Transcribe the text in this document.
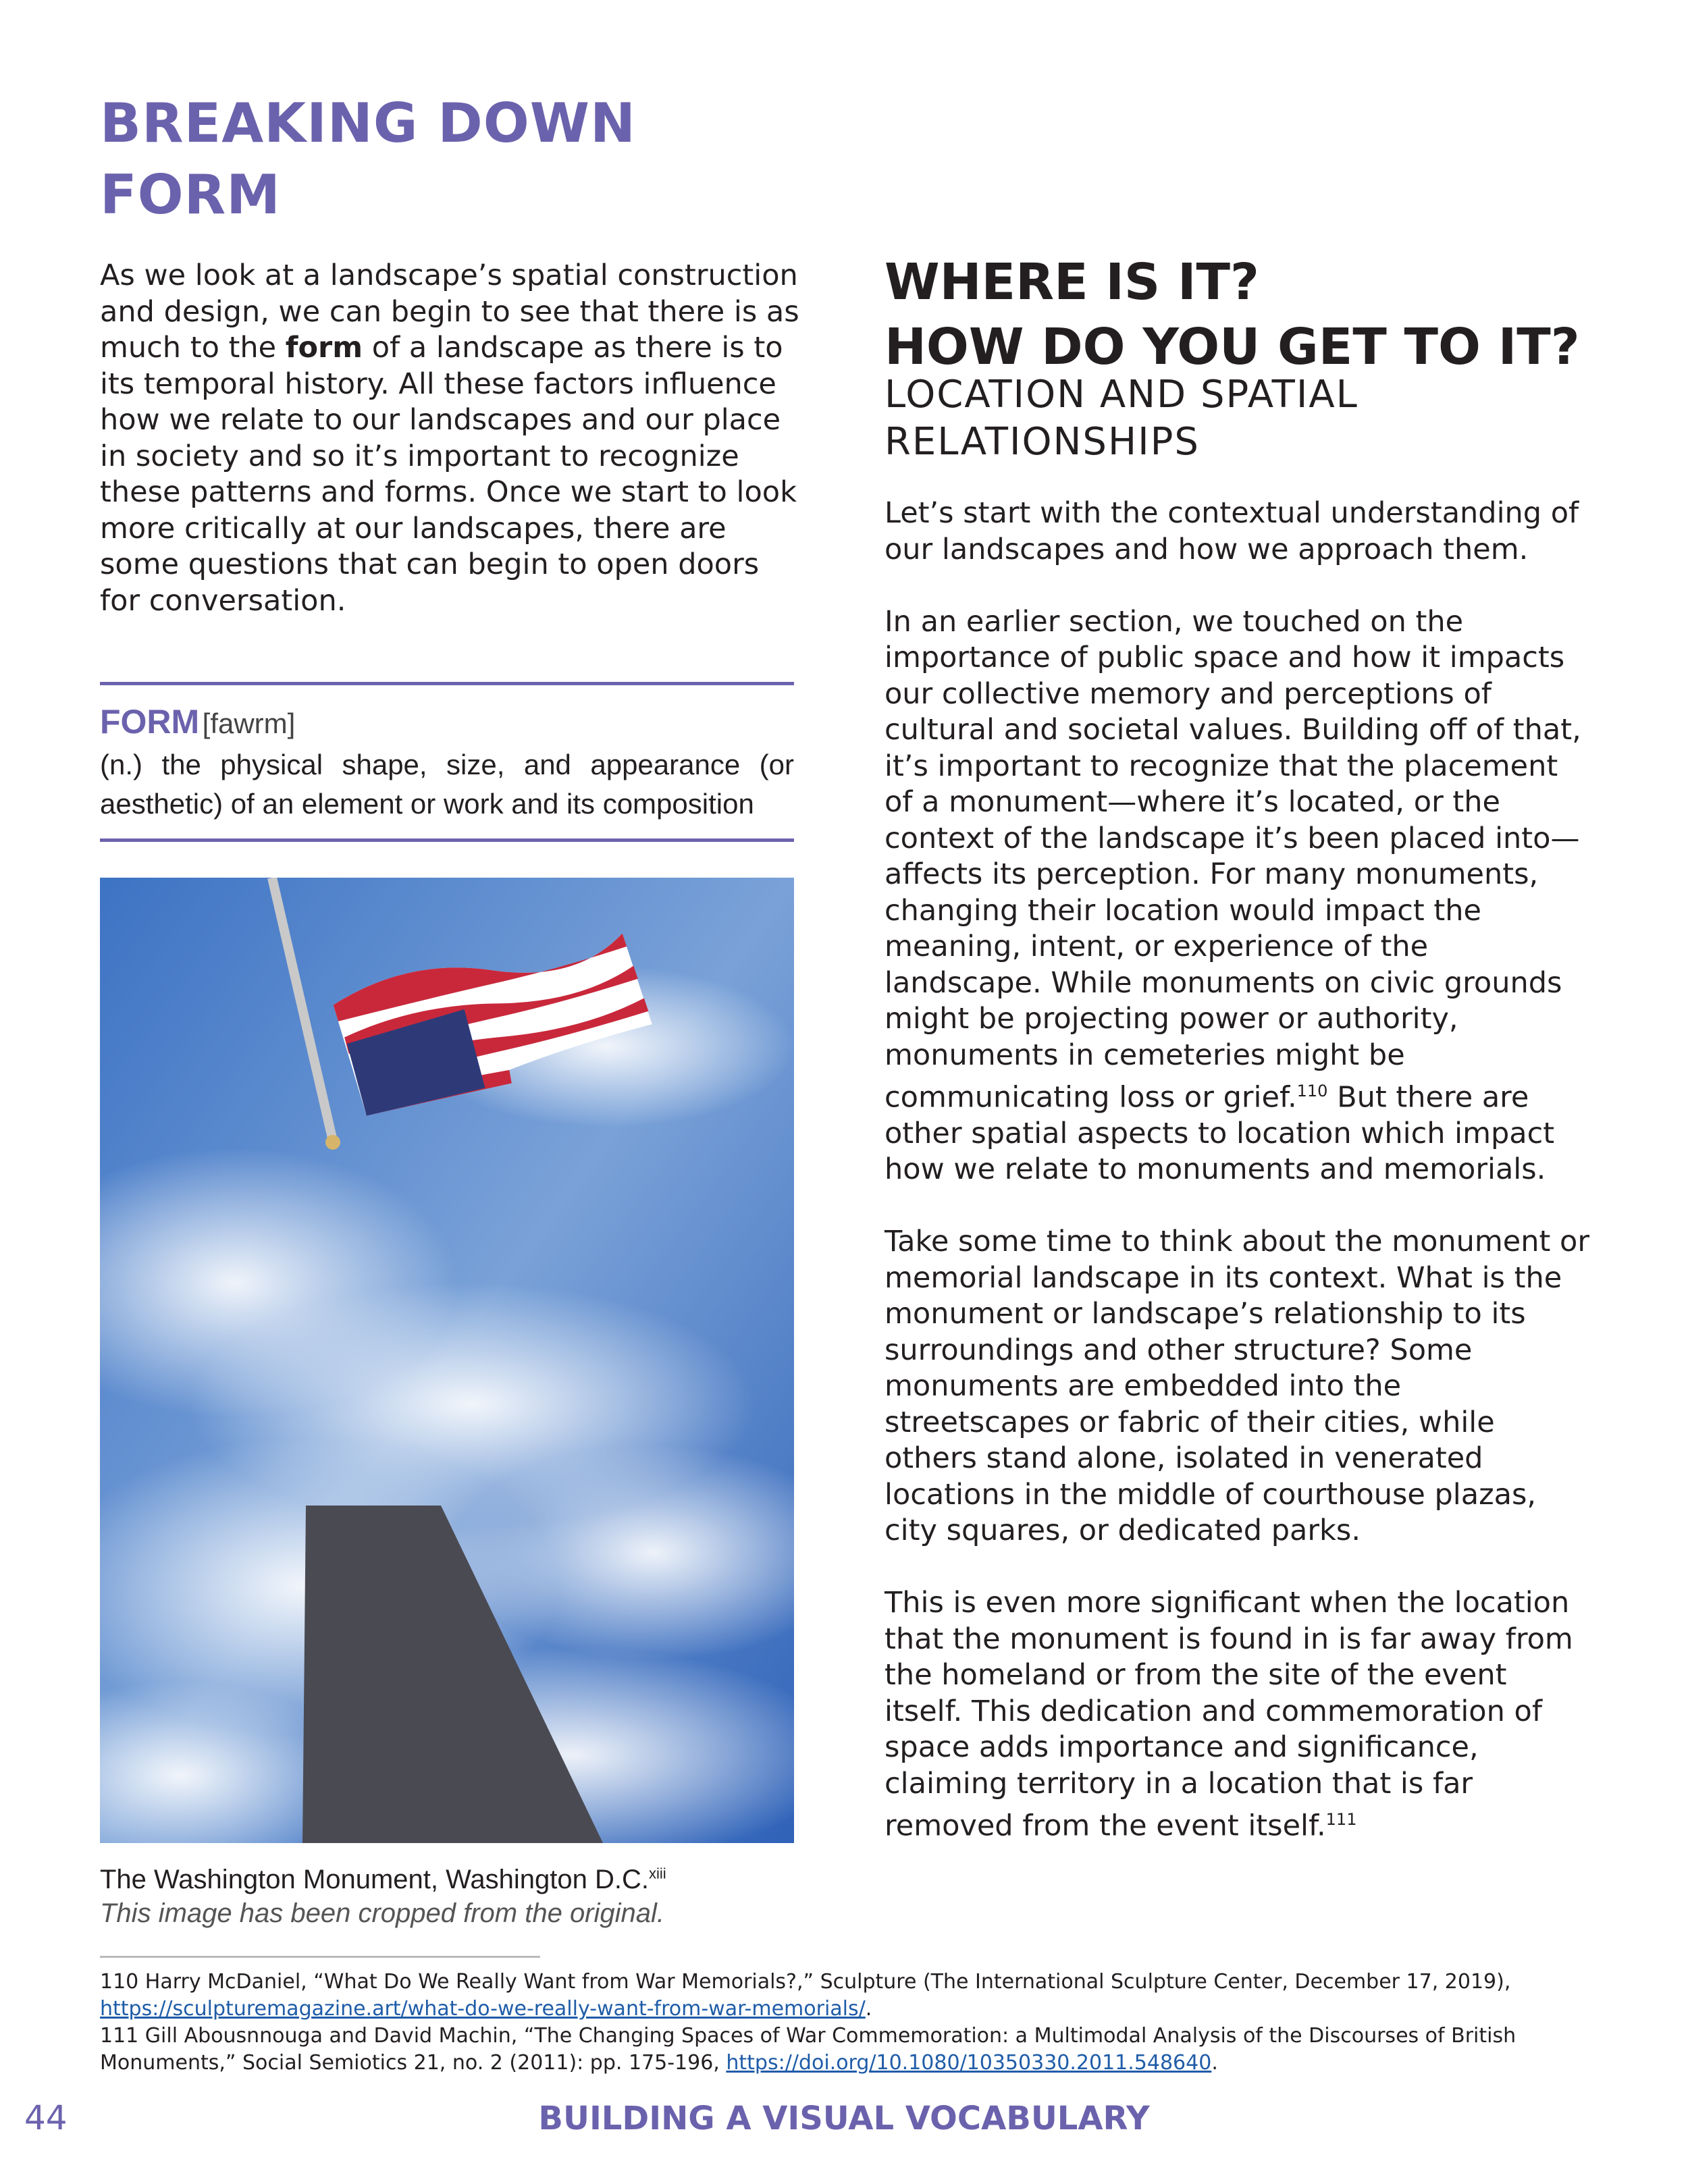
BREAKING DOWN
FORM
As we look at a landscape’s spatial construction and design, we can begin to see that there is as much to the form of a landscape as there is to its temporal history. All these factors influence how we relate to our landscapes and our place in society and so it’s important to recognize these patterns and forms. Once we start to look more critically at our landscapes, there are some questions that can begin to open doors for conversation.
FORM [fawrm]
(n.) the physical shape, size, and appearance (or aesthetic) of an element or work and its composition
The Washington Monument, Washington D.C.$^{xiii}$
This image has been cropped from the original.
WHERE IS IT?
HOW DO YOU GET TO IT?
LOCATION AND SPATIAL
RELATIONSHIPS

Let’s start with the contextual understanding of our landscapes and how we approach them.

In an earlier section, we touched on the importance of public space and how it impacts our collective memory and perceptions of cultural and societal values. Building off of that, it’s important to recognize that the placement of a monument—where it’s located, or the context of the landscape it’s been placed into—affects its perception. For many monuments, changing their location would impact the meaning, intent, or experience of the landscape. While monuments on civic grounds might be projecting power or authority, monuments in cemeteries might be communicating loss or grief.$^{110}$ But there are other spatial aspects to location which impact how we relate to monuments and memorials.

Take some time to think about the monument or memorial landscape in its context. What is the monument or landscape’s relationship to its surroundings and other structure? Some monuments are embedded into the streetscapes or fabric of their cities, while others stand alone, isolated in venerated locations in the middle of courthouse plazas, city squares, or dedicated parks.

This is even more significant when the location that the monument is found in is far away from the homeland or from the site of the event itself. This dedication and commemoration of space adds importance and significance, claiming territory in a location that is far removed from the event itself.$^{111}$

110 Harry McDaniel, “What Do We Really Want from War Memorials?,” Sculpture (The International Sculpture Center, December 17, 2019), https://sculpturemagazine.art/what-do-we-really-want-from-war-memorials/.
111 Gill Abousnnouga and David Machin, “The Changing Spaces of War Commemoration: a Multimodal Analysis of the Discourses of British Monuments,” Social Semiotics 21, no. 2 (2011): pp. 175-196, https://doi.org/10.1080/10350330.2011.548640.
44	BUILDING A VISUAL VOCABULARY
